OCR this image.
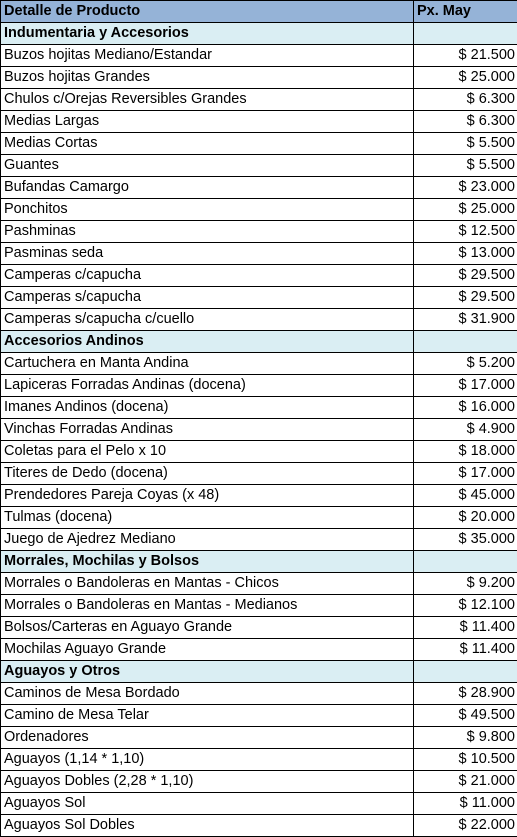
Detalle de Producto	Px. May
Indumentaria y Accesorios	
Buzos hojitas Mediano/Estandar	$ 21.500
Buzos hojitas Grandes	$ 25.000
Chulos c/Orejas Reversibles Grandes	$ 6.300
Medias Largas	$ 6.300
Medias Cortas	$ 5.500
Guantes	$ 5.500
Bufandas Camargo	$ 23.000
Ponchitos	$ 25.000
Pashminas	$ 12.500
Pasminas seda	$ 13.000
Camperas c/capucha	$ 29.500
Camperas s/capucha	$ 29.500
Camperas s/capucha c/cuello	$ 31.900
Accesorios Andinos	
Cartuchera en Manta Andina	$ 5.200
Lapiceras Forradas Andinas (docena)	$ 17.000
Imanes Andinos (docena)	$ 16.000
Vinchas Forradas Andinas	$ 4.900
Coletas para el Pelo x 10	$ 18.000
Titeres de Dedo (docena)	$ 17.000
Prendedores Pareja Coyas (x 48)	$ 45.000
Tulmas (docena)	$ 20.000
Juego de Ajedrez Mediano	$ 35.000
Morrales, Mochilas y Bolsos	
Morrales o Bandoleras en Mantas - Chicos	$ 9.200
Morrales o Bandoleras en Mantas - Medianos	$ 12.100
Bolsos/Carteras en Aguayo Grande	$ 11.400
Mochilas Aguayo Grande	$ 11.400
Aguayos y Otros	
Caminos de Mesa Bordado	$ 28.900
Camino de Mesa Telar	$ 49.500
Ordenadores	$ 9.800
Aguayos (1,14 * 1,10)	$ 10.500
Aguayos Dobles (2,28 * 1,10)	$ 21.000
Aguayos Sol	$ 11.000
Aguayos Sol Dobles	$ 22.000
